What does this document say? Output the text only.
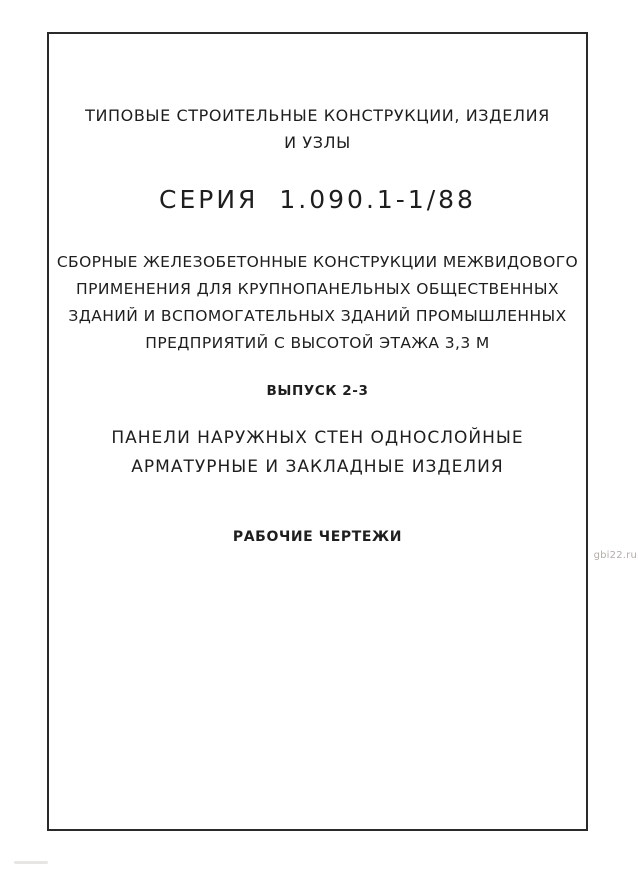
ТИПОВЫЕ СТРОИТЕЛЬНЫЕ КОНСТРУКЦИИ, ИЗДЕЛИЯ
И УЗЛЫ
СЕРИЯ 1.090.1-1/88
СБОРНЫЕ ЖЕЛЕЗОБЕТОННЫЕ КОНСТРУКЦИИ МЕЖВИДОВОГО
ПРИМЕНЕНИЯ ДЛЯ КРУПНОПАНЕЛЬНЫХ ОБЩЕСТВЕННЫХ
ЗДАНИЙ И ВСПОМОГАТЕЛЬНЫХ ЗДАНИЙ ПРОМЫШЛЕННЫХ
ПРЕДПРИЯТИЙ С ВЫСОТОЙ ЭТАЖА 3,3 М
ВЫПУСК 2-3
ПАНЕЛИ НАРУЖНЫХ СТЕН ОДНОСЛОЙНЫЕ
АРМАТУРНЫЕ И ЗАКЛАДНЫЕ ИЗДЕЛИЯ
РАБОЧИЕ ЧЕРТЕЖИ
gbi22.ru
